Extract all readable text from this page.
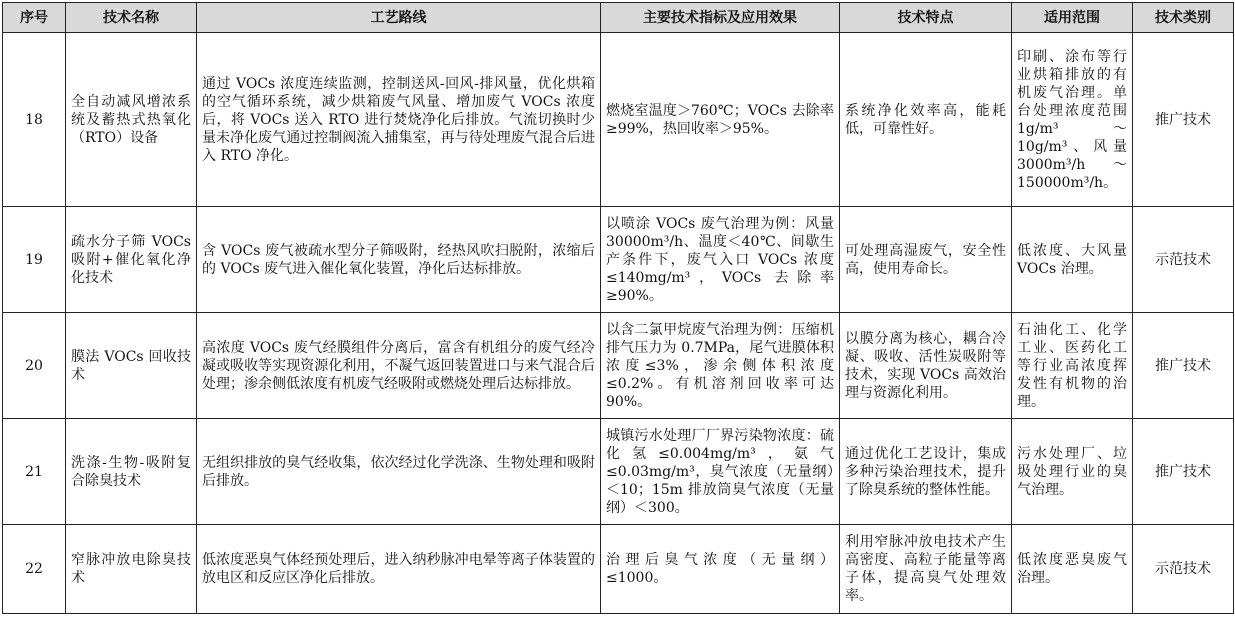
序号	技术名称	工艺路线	主要技术指标及应用效果	技术特点	适用范围	技术类别
18	全自动减风增浓系统及蓄热式热氧化（RTO）设备	通过 VOCs 浓度连续监测，控制送风-回风-排风量，优化烘箱的空气循环系统，减少烘箱废气风量、增加废气 VOCs 浓度后，将 VOCs 送入 RTO 进行焚烧净化后排放。气流切换时少量未净化废气通过控制阀流入捕集室，再与待处理废气混合后进入 RTO 净化。	燃烧室温度＞760℃；VOCs 去除率≥99%，热回收率＞95%。	系统净化效率高，能耗低，可靠性好。	印刷、涂布等行业烘箱排放的有机废气治理。单台处理浓度范围 1g/m³ ～10g/m³、风量3000m³/h ～150000m³/h。	推广技术
19	疏水分子筛 VOCs 吸附+催化氧化净化技术	含 VOCs 废气被疏水型分子筛吸附，经热风吹扫脱附，浓缩后的 VOCs 废气进入催化氧化装置，净化后达标排放。	以喷涂 VOCs 废气治理为例：风量 30000m³/h、温度＜40℃、间歇生产条件下，废气入口 VOCs 浓度≤140mg/m³，VOCs 去除率≥90%。	可处理高湿废气，安全性高，使用寿命长。	低浓度、大风量 VOCs 治理。	示范技术
20	膜法 VOCs 回收技术	高浓度 VOCs 废气经膜组件分离后，富含有机组分的废气经冷凝或吸收等实现资源化利用，不凝气返回装置进口与来气混合后处理；渗余侧低浓度有机废气经吸附或燃烧处理后达标排放。	以含二氯甲烷废气治理为例：压缩机排气压力为 0.7MPa，尾气进膜体积浓度≤3%，渗余侧体积浓度≤0.2%。有机溶剂回收率可达 90%。	以膜分离为核心，耦合冷凝、吸收、活性炭吸附等技术，实现 VOCs 高效治理与资源化利用。	石油化工、化学工业、医药化工等行业高浓度挥发性有机物的治理。	推广技术
21	洗涤-生物-吸附复合除臭技术	无组织排放的臭气经收集，依次经过化学洗涤、生物处理和吸附后排放。	城镇污水处理厂厂界污染物浓度：硫化氢≤0.004mg/m³，氨气≤0.03mg/m³，臭气浓度（无量纲）＜10；15m 排放筒臭气浓度（无量纲）＜300。	通过优化工艺设计，集成多种污染治理技术，提升了除臭系统的整体性能。	污水处理厂、垃圾处理行业的臭气治理。	推广技术
22	窄脉冲放电除臭技术	低浓度恶臭气体经预处理后，进入纳秒脉冲电晕等离子体装置的放电区和反应区净化后排放。	治理后臭气浓度（无量纲）≤1000。	利用窄脉冲放电技术产生高密度、高粒子能量等离子体，提高臭气处理效率。	低浓度恶臭废气治理。	示范技术
